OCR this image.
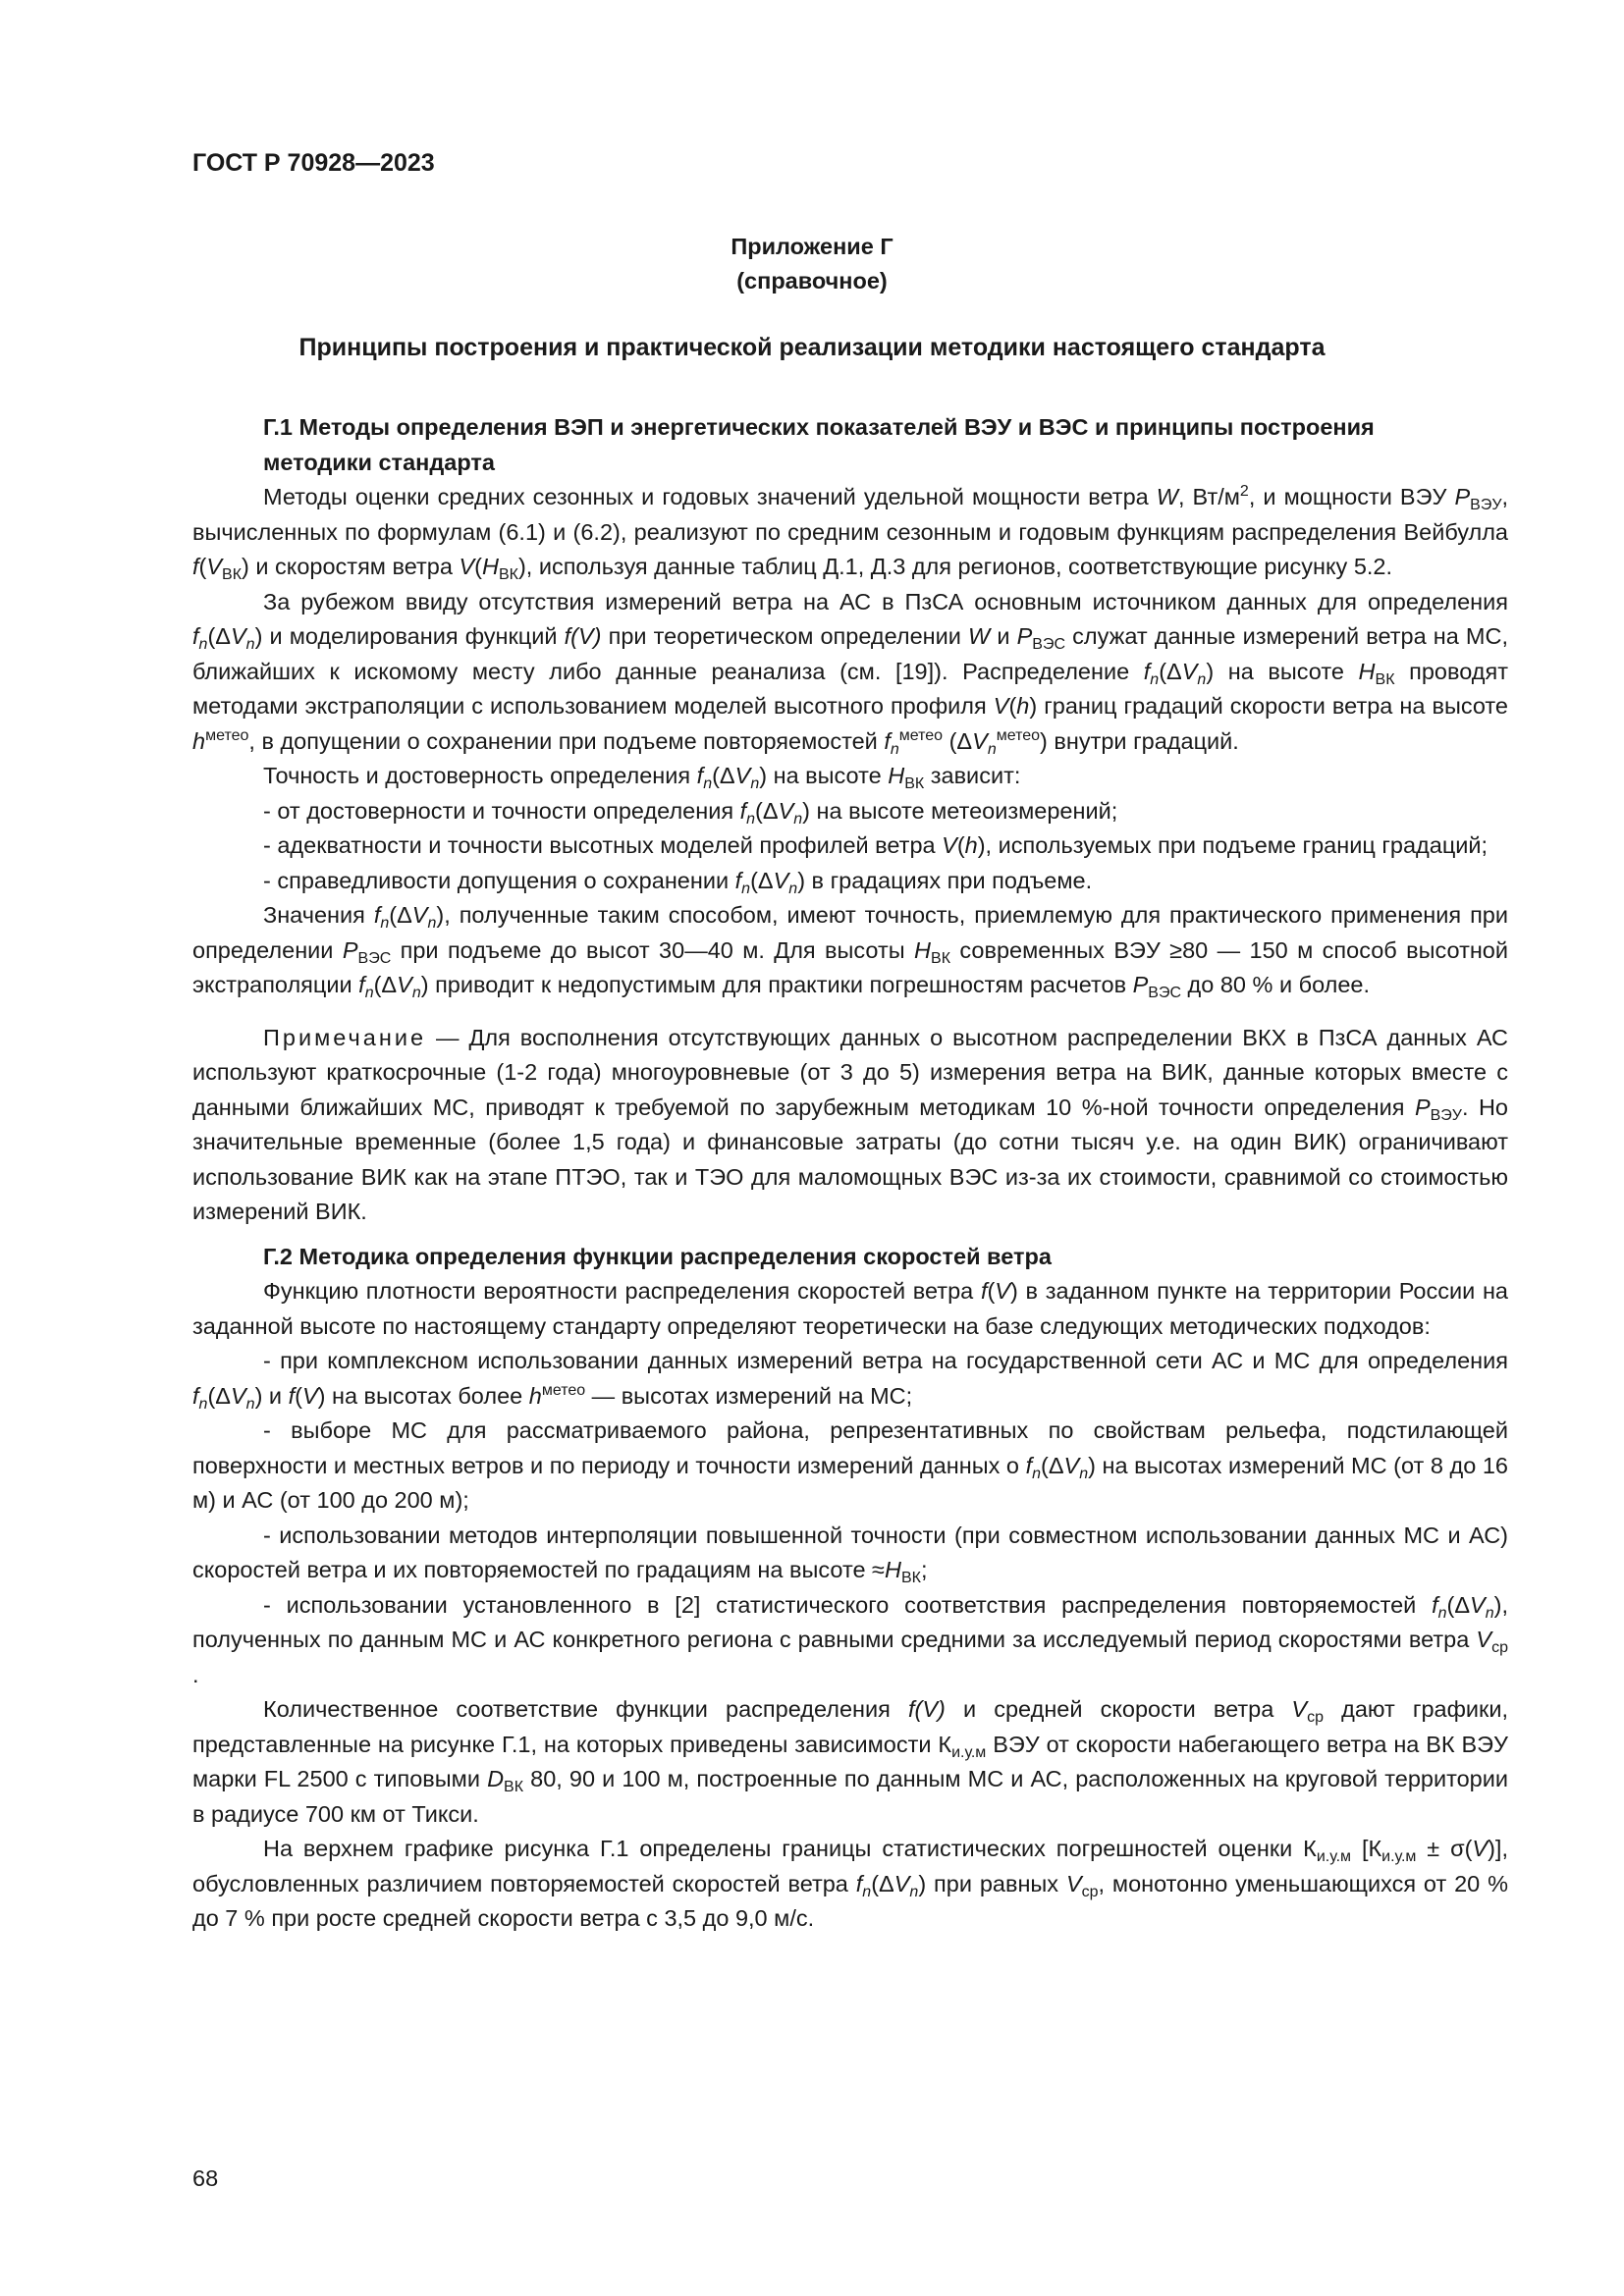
ГОСТ Р 70928—2023

Приложение Г

(справочное)

Принципы построения и практической реализации методики настоящего стандарта

Г.1 Методы определения ВЭП и энергетических показателей ВЭУ и ВЭС и принципы построения

методики стандарта

Методы оценки средних сезонных и годовых значений удельной мощности ветра W, $Вт/м^2$, и мощности ВЭУ $P_{ВЭУ}$, вычисленных по формулам (6.1) и (6.2), реализуют по средним сезонным и годовым функциям распределения Вейбулла $f(V_{ВК})$ и скоростям ветра $V(H_{ВК})$, используя данные таблиц Д.1, Д.3 для регионов, соответствующие рисунку 5.2.

За рубежом ввиду отсутствия измерений ветра на АС в ПзСА основным источником данных для определения $f_n(\Delta V_n)$ и моделирования функций f(V) при теоретическом определении W и $P_{ВЭС}$ служат данные измерений ветра на МС, ближайших к искомому месту либо данные реанализа (см. [19]). Распределение $f_n(\Delta V_n)$ на высоте $H_{ВК}$ проводят методами экстраполяции с использованием моделей высотного профиля V(h) границ градаций скорости ветра на высоте $h^{метео}$, в допущении о сохранении при подъеме повторяемостей $f_n^{метео}$ $(\Delta V_n^{метео})$ внутри градаций.

Точность и достоверность определения $f_n(\Delta V_n)$ на высоте $H_{ВК}$ зависит:

- от достоверности и точности определения $f_n(\Delta V_n)$ на высоте метеоизмерений;

- адекватности и точности высотных моделей профилей ветра V(h), используемых при подъеме границ градаций;

- справедливости допущения о сохранении $f_n(\Delta V_n)$ в градациях при подъеме.

Значения $f_n(\Delta V_n)$, полученные таким способом, имеют точность, приемлемую для практического применения при определении $P_{ВЭС}$ при подъеме до высот 30—40 м. Для высоты $H_{ВК}$ современных ВЭУ ≥80 — 150 м способ высотной экстраполяции $f_n(\Delta V_n)$ приводит к недопустимым для практики погрешностям расчетов $P_{ВЭС}$ до 80 % и более.

Примечание — Для восполнения отсутствующих данных о высотном распределении ВКХ в ПзСА данных АС используют краткосрочные (1-2 года) многоуровневые (от 3 до 5) измерения ветра на ВИК, данные которых вместе с данными ближайших МС, приводят к требуемой по зарубежным методикам 10 %-ной точности определения $P_{ВЭУ}$. Но значительные временные (более 1,5 года) и финансовые затраты (до сотни тысяч у.е. на один ВИК) ограничивают использование ВИК как на этапе ПТЭО, так и ТЭО для маломощных ВЭС из-за их стоимости, сравнимой со стоимостью измерений ВИК.

Г.2 Методика определения функции распределения скоростей ветра

Функцию плотности вероятности распределения скоростей ветра f(V) в заданном пункте на территории России на заданной высоте по настоящему стандарту определяют теоретически на базе следующих методических подходов:

- при комплексном использовании данных измерений ветра на государственной сети АС и МС для определения $f_n(\Delta V_n)$ и f(V) на высотах более $h^{метео}$ — высотах измерений на МС;

- выборе МС для рассматриваемого района, репрезентативных по свойствам рельефа, подстилающей поверхности и местных ветров и по периоду и точности измерений данных о $f_n(\Delta V_n)$ на высотах измерений МС (от 8 до 16 м) и АС (от 100 до 200 м);

- использовании методов интерполяции повышенной точности (при совместном использовании данных МС и АС) скоростей ветра и их повторяемостей по градациям на высоте $\approx H_{ВК}$;

- использовании установленного в [2] статистического соответствия распределения повторяемостей $f_n(\Delta V_n)$, полученных по данным МС и АС конкретного региона с равными средними за исследуемый период скоростями ветра $V_{ср}$ .

Количественное соответствие функции распределения f(V) и средней скорости ветра $V_{ср}$ дают графики, представленные на рисунке Г.1, на которых приведены зависимости $К_{и.у.м}$ ВЭУ от скорости набегающего ветра на ВК ВЭУ марки FL 2500 с типовыми $D_{ВК}$ 80, 90 и 100 м, построенные по данным МС и АС, расположенных на круговой территории в радиусе 700 км от Тикси.

На верхнем графике рисунка Г.1 определены границы статистических погрешностей оценки $К_{и.у.м}$ $[К_{и.у.м} \pm \sigma(V)]$, обусловленных различием повторяемостей скоростей ветра $f_n(\Delta V_n)$ при равных $V_{ср}$, монотонно уменьшающихся от 20 % до 7 % при росте средней скорости ветра с 3,5 до 9,0 м/с.

68
